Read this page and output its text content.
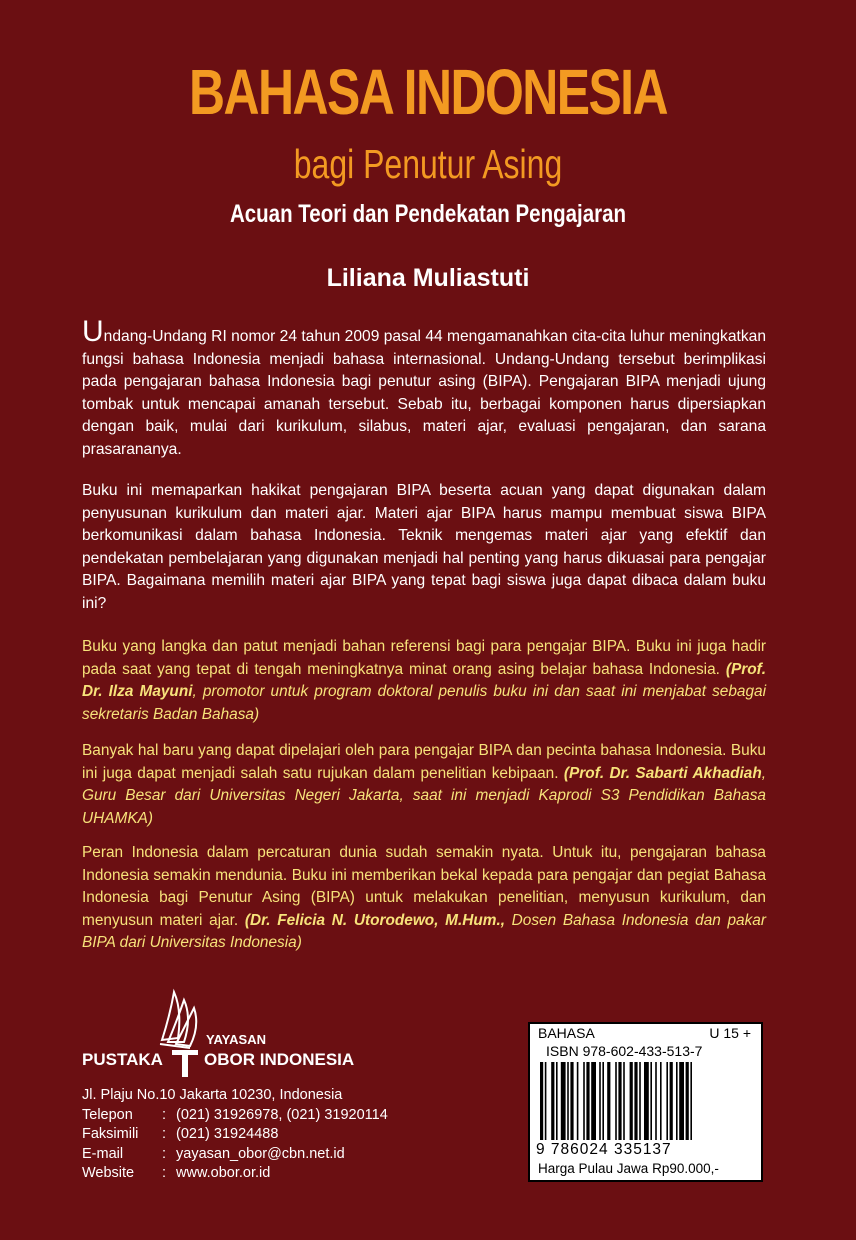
BAHASA INDONESIA
bagi Penutur Asing
Acuan Teori dan Pendekatan Pengajaran
Liliana Muliastuti

Undang-Undang RI nomor 24 tahun 2009 pasal 44 mengamanahkan cita-cita luhur meningkatkan fungsi bahasa Indonesia menjadi bahasa internasional. Undang-Undang tersebut berimplikasi pada pengajaran bahasa Indonesia bagi penutur asing (BIPA). Pengajaran BIPA menjadi ujung tombak untuk mencapai amanah tersebut. Sebab itu, berbagai komponen harus dipersiapkan dengan baik, mulai dari kurikulum, silabus, materi ajar, evaluasi pengajaran, dan sarana prasarananya.

Buku ini memaparkan hakikat pengajaran BIPA beserta acuan yang dapat digunakan dalam penyusunan kurikulum dan materi ajar. Materi ajar BIPA harus mampu membuat siswa BIPA berkomunikasi dalam bahasa Indonesia. Teknik mengemas materi ajar yang efektif dan pendekatan pembelajaran yang digunakan menjadi hal penting yang harus dikuasai para pengajar BIPA. Bagaimana memilih materi ajar BIPA yang tepat bagi siswa juga dapat dibaca dalam buku ini?

Buku yang langka dan patut menjadi bahan referensi bagi para pengajar BIPA. Buku ini juga hadir pada saat yang tepat di tengah meningkatnya minat orang asing belajar bahasa Indonesia. (Prof. Dr. Ilza Mayuni, promotor untuk program doktoral penulis buku ini dan saat ini menjabat sebagai sekretaris Badan Bahasa)

Banyak hal baru yang dapat dipelajari oleh para pengajar BIPA dan pecinta bahasa Indonesia. Buku ini juga dapat menjadi salah satu rujukan dalam penelitian kebipaan. (Prof. Dr. Sabarti Akhadiah, Guru Besar dari Universitas Negeri Jakarta, saat ini menjadi Kaprodi S3 Pendidikan Bahasa UHAMKA)

Peran Indonesia dalam percaturan dunia sudah semakin nyata. Untuk itu, pengajaran bahasa Indonesia semakin mendunia. Buku ini memberikan bekal kepada para pengajar dan pegiat Bahasa Indonesia bagi Penutur Asing (BIPA) untuk melakukan penelitian, menyusun kurikulum, dan menyusun materi ajar. (Dr. Felicia N. Utorodewo, M.Hum., Dosen Bahasa Indonesia dan pakar BIPA dari Universitas Indonesia)

YAYASAN
PUSTAKA OBOR INDONESIA
Jl. Plaju No.10 Jakarta 10230, Indonesia
Telepon	: (021) 31926978, (021) 31920114
Faksimili	: (021) 31924488
E-mail	: yayasan_obor@cbn.net.id
Website	: www.obor.or.id
BAHASA	U 15 +
ISBN 978-602-433-513-7
9 786024 335137
Harga Pulau Jawa Rp90.000,-
